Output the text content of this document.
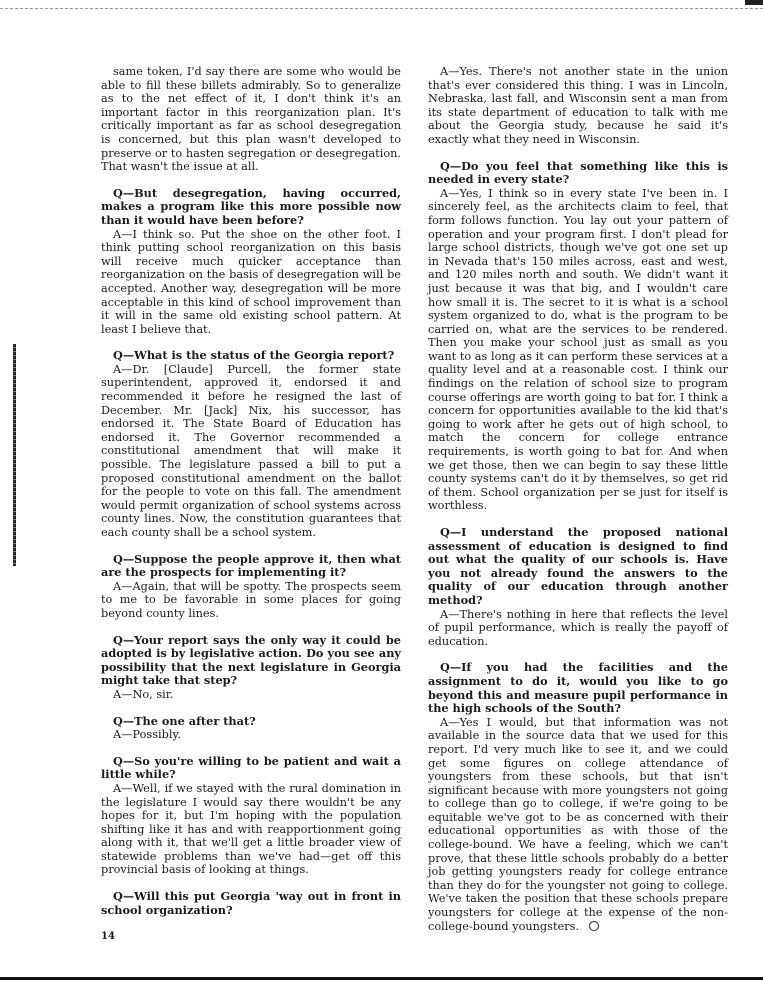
same token, I'd say there are some who would be able to fill these billets admirably. So to generalize as to the net effect of it, I don't think it's an important factor in this reorganization plan. It's critically important as far as school desegregation is concerned, but this plan wasn't developed to preserve or to hasten segregation or desegregation. That wasn't the issue at all.

Q—But desegregation, having occurred, makes a program like this more possible now than it would have been before?

A—I think so. Put the shoe on the other foot. I think putting school reorganization on this basis will receive much quicker acceptance than reorganization on the basis of desegregation will be accepted. Another way, desegregation will be more acceptable in this kind of school improvement than it will in the same old existing school pattern. At least I believe that.

Q—What is the status of the Georgia report?

A—Dr. [Claude] Purcell, the former state superintendent, approved it, endorsed it and recommended it before he resigned the last of December. Mr. [Jack] Nix, his successor, has endorsed it. The State Board of Education has endorsed it. The Governor recommended a constitutional amendment that will make it possible. The legislature passed a bill to put a proposed constitutional amendment on the ballot for the people to vote on this fall. The amendment would permit organization of school systems across county lines. Now, the constitution guarantees that each county shall be a school system.

Q—Suppose the people approve it, then what are the prospects for implementing it?

A—Again, that will be spotty. The prospects seem to me to be favorable in some places for going beyond county lines.

Q—Your report says the only way it could be adopted is by legislative action. Do you see any possibility that the next legislature in Georgia might take that step?

A—No, sir.

Q—The one after that?

A—Possibly.

Q—So you're willing to be patient and wait a little while?

A—Well, if we stayed with the rural domination in the legislature I would say there wouldn't be any hopes for it, but I'm hoping with the population shifting like it has and with reapportionment going along with it, that we'll get a little broader view of statewide problems than we've had—get off this provincial basis of looking at things.

Q—Will this put Georgia 'way out in front in school organization?

A—Yes. There's not another state in the union that's ever considered this thing. I was in Lincoln, Nebraska, last fall, and Wisconsin sent a man from its state department of education to talk with me about the Georgia study, because he said it's exactly what they need in Wisconsin.

Q—Do you feel that something like this is needed in every state?

A—Yes, I think so in every state I've been in. I sincerely feel, as the architects claim to feel, that form follows function. You lay out your pattern of operation and your program first. I don't plead for large school districts, though we've got one set up in Nevada that's 150 miles across, east and west, and 120 miles north and south. We didn't want it just because it was that big, and I wouldn't care how small it is. The secret to it is what is a school system organized to do, what is the program to be carried on, what are the services to be rendered. Then you make your school just as small as you want to as long as it can perform these services at a quality level and at a reasonable cost. I think our findings on the relation of school size to program course offerings are worth going to bat for. I think a concern for opportunities available to the kid that's going to work after he gets out of high school, to match the concern for college entrance requirements, is worth going to bat for. And when we get those, then we can begin to say these little county systems can't do it by themselves, so get rid of them. School organization per se just for itself is worthless.

Q—I understand the proposed national assessment of education is designed to find out what the quality of our schools is. Have you not already found the answers to the quality of our education through another method?

A—There's nothing in here that reflects the level of pupil performance, which is really the payoff of education.

Q—If you had the facilities and the assignment to do it, would you like to go beyond this and measure pupil performance in the high schools of the South?

A—Yes I would, but that information was not available in the source data that we used for this report. I'd very much like to see it, and we could get some figures on college attendance of youngsters from these schools, but that isn't significant because with more youngsters not going to college than go to college, if we're going to be equitable we've got to be as concerned with their educational opportunities as with those of the college-bound. We have a feeling, which we can't prove, that these little schools probably do a better job getting youngsters ready for college entrance than they do for the youngster not going to college. We've taken the position that these schools prepare youngsters for college at the expense of the non-college-bound youngsters.

14
